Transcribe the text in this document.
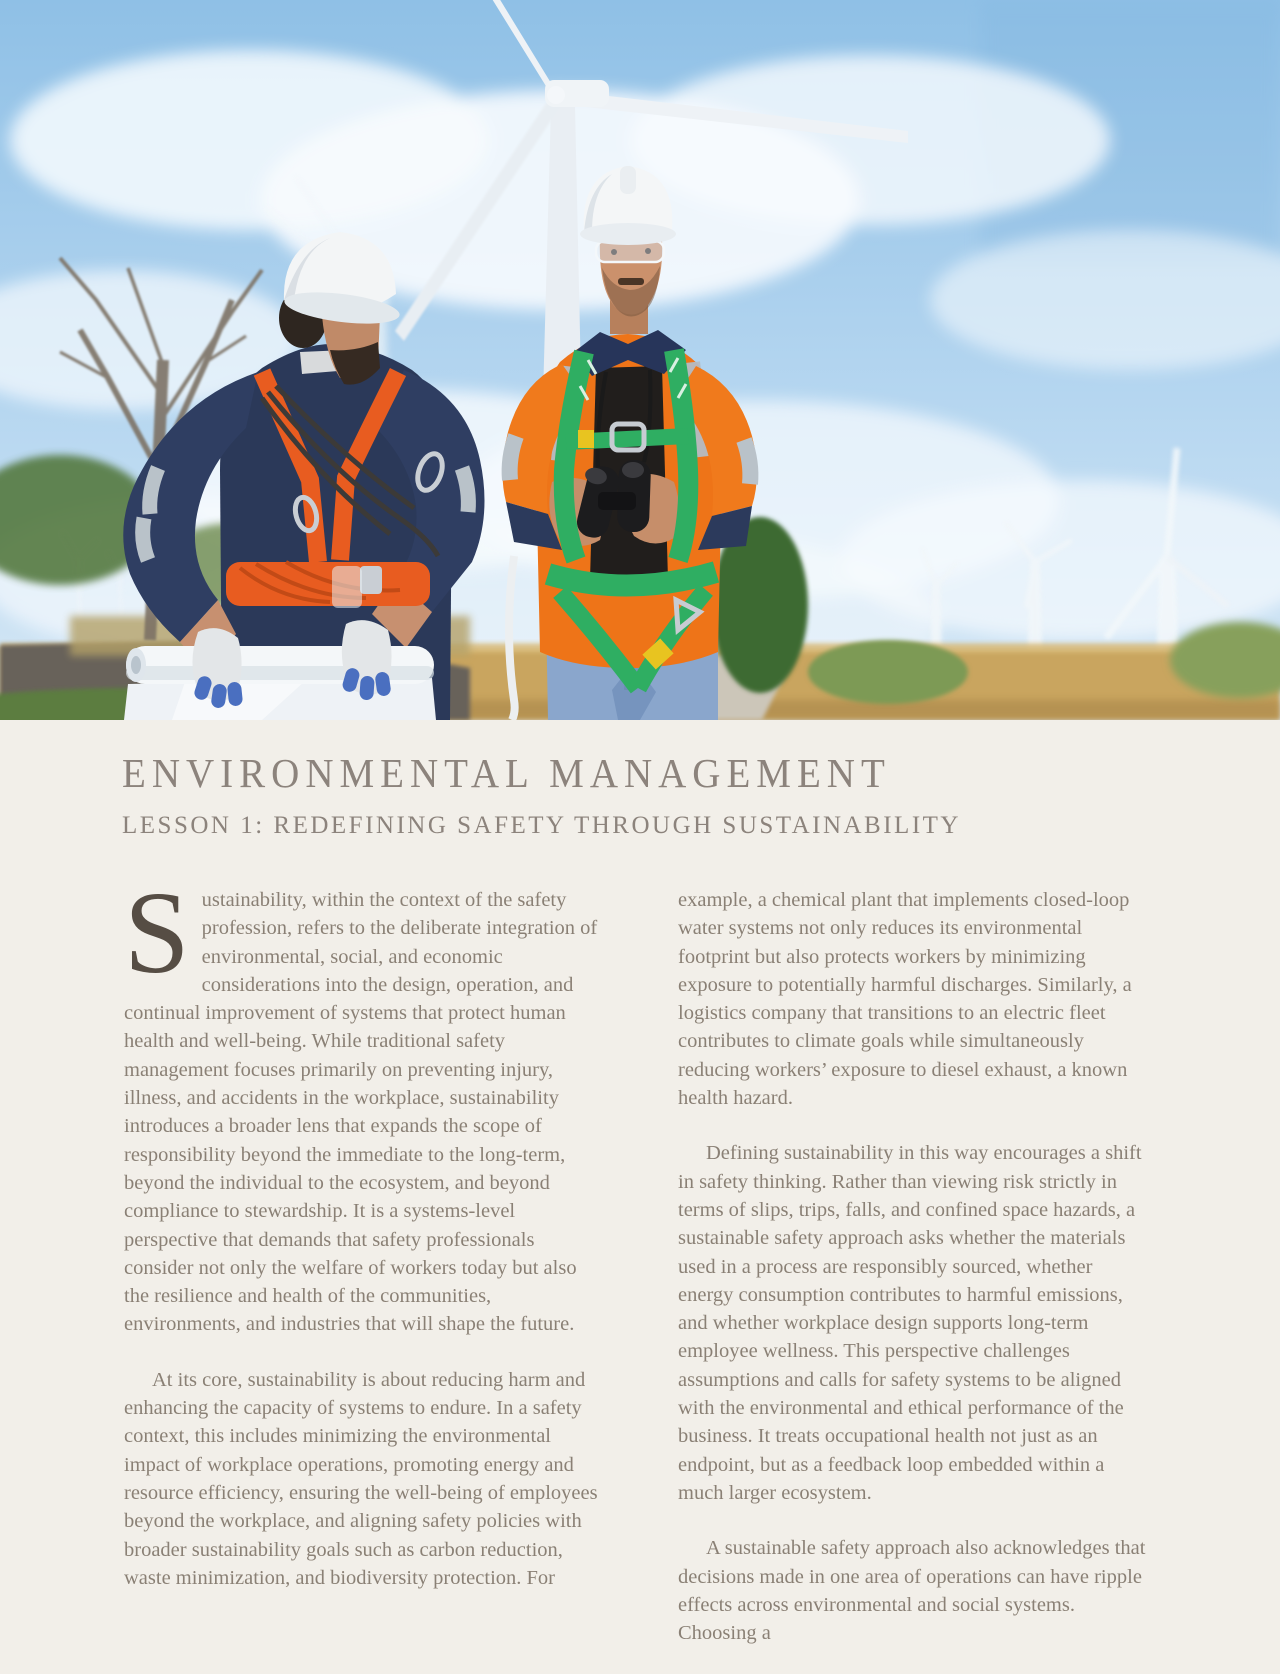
ENVIRONMENTAL MANAGEMENT
LESSON 1: REDEFINING SAFETY THROUGH SUSTAINABILITY

Sustainability, within the context of the safety profession, refers to the deliberate integration of environmental, social, and economic considerations into the design, operation, and continual improvement of systems that protect human health and well-being. While traditional safety management focuses primarily on preventing injury, illness, and accidents in the workplace, sustainability introduces a broader lens that expands the scope of responsibility beyond the immediate to the long-term, beyond the individual to the ecosystem, and beyond compliance to stewardship. It is a systems-level perspective that demands that safety professionals consider not only the welfare of workers today but also the resilience and health of the communities, environments, and industries that will shape the future.

At its core, sustainability is about reducing harm and enhancing the capacity of systems to endure. In a safety context, this includes minimizing the environmental impact of workplace operations, promoting energy and resource efficiency, ensuring the well-being of employees beyond the workplace, and aligning safety policies with broader sustainability goals such as carbon reduction, waste minimization, and biodiversity protection. For

example, a chemical plant that implements closed-loop water systems not only reduces its environmental footprint but also protects workers by minimizing exposure to potentially harmful discharges. Similarly, a logistics company that transitions to an electric fleet contributes to climate goals while simultaneously reducing workers’ exposure to diesel exhaust, a known health hazard.

Defining sustainability in this way encourages a shift in safety thinking. Rather than viewing risk strictly in terms of slips, trips, falls, and confined space hazards, a sustainable safety approach asks whether the materials used in a process are responsibly sourced, whether energy consumption contributes to harmful emissions, and whether workplace design supports long-term employee wellness. This perspective challenges assumptions and calls for safety systems to be aligned with the environmental and ethical performance of the business. It treats occupational health not just as an endpoint, but as a feedback loop embedded within a much larger ecosystem.

A sustainable safety approach also acknowledges that decisions made in one area of operations can have ripple effects across environmental and social systems. Choosing a
